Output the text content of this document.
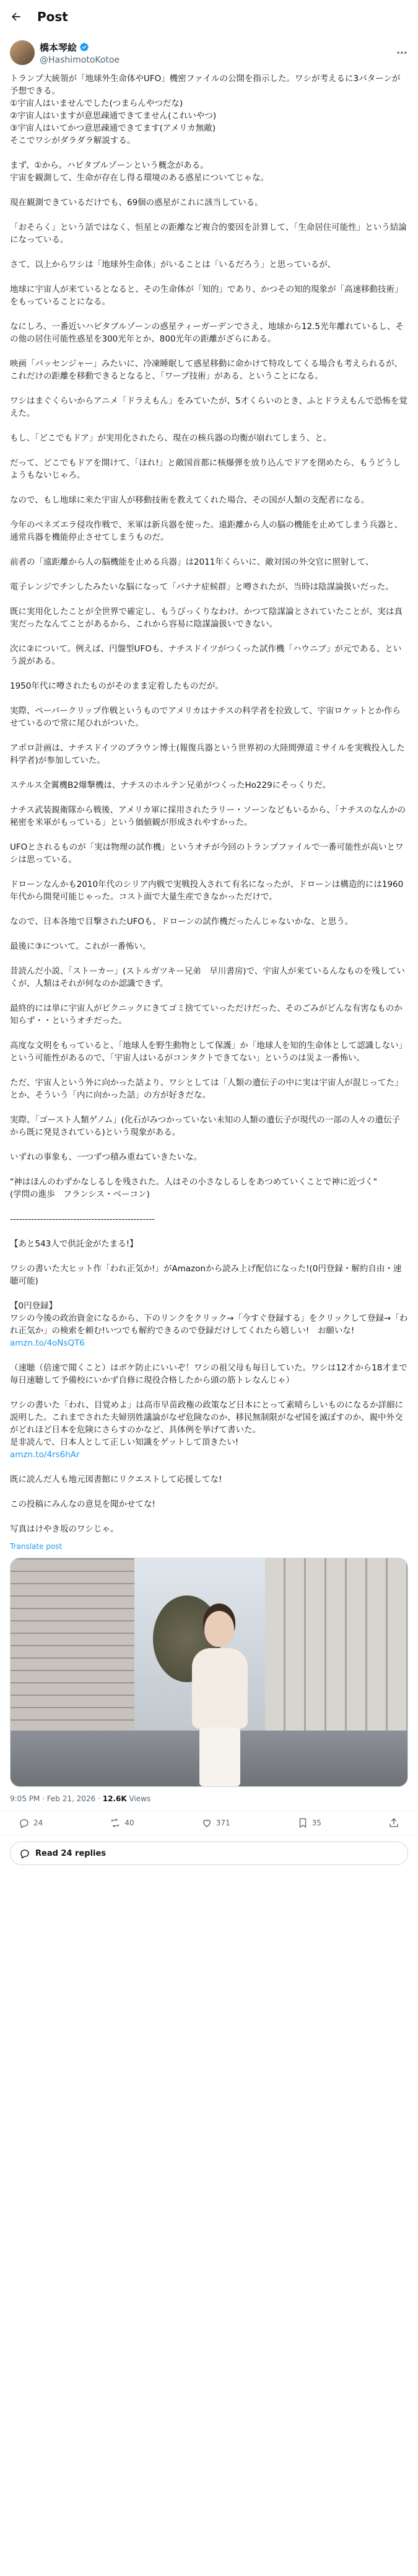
Post
橋本琴絵
@HashimotoKotoe

トランプ大統領が「地球外生命体やUFO」機密ファイルの公開を指示した。ワシが考えるに3パターンが予想できる。
①宇宙人はいませんでした(つまらんやつだな)
②宇宙人はいますが意思疎通できてません(これいやつ)
③宇宙人はいてかつ意思疎通できてます(アメリカ無敵)
そこでワシがダラダラ解説する。

まず、①から。ハビタブルゾーンという概念がある。
宇宙を観測して、生命が存在し得る環境のある惑星についてじゃな。

現在観測できているだけでも、69個の惑星がこれに該当している。

「おそらく」という話ではなく、恒星との距離など複合的要因を計算して、「生命居住可能性」という結論になっている。

さて、以上からワシは「地球外生命体」がいることは「いるだろう」と思っているが、

地球に宇宙人が来ているとなると、その生命体が「知的」であり、かつその知的現象が「高速移動技術」をもっていることになる。

なにしろ、一番近いハビタブルゾーンの惑星ティーガーデンでさえ、地球から12.5光年離れているし、その他の居住可能性惑星を300光年とか、800光年の距離がざらにある。

映画「パッセンジャー」みたいに、冷凍睡眠して惑星移動に命かけて特攻してくる場合も考えられるが、これだけの距離を移動できるとなると、「ワープ技術」がある、ということになる。

ワシはまぐくらいからアニメ「ドラえもん」をみていたが、5才くらいのとき、ふとドラえもんで恐怖を覚えた。

もし、「どこでもドア」が実用化されたら、現在の核兵器の均衡が崩れてしまう、と。

だって、どこでもドアを開けて、「ほれ!」と敵国首都に核爆弾を放り込んでドアを閉めたら、もうどうしようもないじゃろ。

なので、もし地球に来た宇宙人が移動技術を教えてくれた場合、その国が人類の支配者になる。

今年のベネズエラ侵攻作戦で、米軍は新兵器を使った。遠距離から人の脳の機能を止めてしまう兵器と、通常兵器を機能停止させてしまうものだ。

前者の「遠距離から人の脳機能を止める兵器」は2011年くらいに、敵対国の外交官に照射して、

電子レンジでチンしたみたいな脳になって「バナナ症候群」と噂されたが、当時は陰謀論扱いだった。

既に実用化したことが全世界で確定し、もうびっくりなわけ。かつて陰謀論とされていたことが、実は真実だったなんてことがあるから、これから容易に陰謀論扱いできない。

次に②について。例えば、円盤型UFOも、ナチスドイツがつくった試作機「ハウニブ」が元である、という説がある。

1950年代に噂されたものがそのまま定着したものだが。

実際、ペーパークリップ作戦というものでアメリカはナチスの科学者を拉致して、宇宙ロケットとか作らせているので常に尾ひれがついた。

アポロ計画は、ナチスドイツのブラウン博士(報復兵器という世界初の大陸間弾道ミサイルを実戦投入した科学者)が参加していた。

ステルス全翼機B2爆撃機は、ナチスのホルテン兄弟がつくったHo229にそっくりだ。

ナチス武装親衛隊から戦後、アメリカ軍に採用されたラリー・ソーンなどもいるから、「ナチスのなんかの秘密を米軍がもっている」という価値観が形成されやすかった。

UFOとされるものが「実は物理の試作機」というオチが今回のトランプファイルで一番可能性が高いとワシは思っている。

ドローンなんかも2010年代のシリア内戦で実戦投入されて有名になったが、ドローンは構造的には1960年代から開発可能じゃった。コスト面で大量生産できなかっただけで。

なので、日本各地で目撃されたUFOも、ドローンの試作機だったんじゃないかな、と思う。

最後に③について。これが一番怖い。

昔読んだ小説、「ストーカー」(ストルガツキー兄弟　早川書房)で、宇宙人が来ているんなものを残していくが、人類はそれが何なのか認識できず。

最終的には単に宇宙人がピクニックにきてゴミ捨てていっただけだった、そのごみがどんな有害なものか知らず・・というオチだった。

高度な文明をもっていると、「地球人を野生動物として保護」か「地球人を知的生命体として認識しない」という可能性があるので、「宇宙人はいるがコンタクトできてない」というのは災よ一番怖い。

ただ、宇宙人という外に向かった話より、ワシとしては「人類の遺伝子の中に実は宇宙人が混じってた」とか、そういう「内に向かった話」の方が好きだな。

実際、「ゴースト人類ゲノム」(化石がみつかっていない未知の人類の遺伝子が現代の一部の人々の遺伝子から既に発見されている)という現象がある。

いずれの事象も、一つずつ積み重ねていきたいな。

"神はほんのわずかなしるしを残された。人はその小さなしるしをあつめていくことで神に近づく"
(学問の進歩　フランシス・ベーコン)

------------------------------------------------

【あと543人で供託金がたまる!】

ワシの書いた大ヒット作「われ正気か!」がAmazonから読み上げ配信になった!(0円登録・解約自由・速聴可能)

【0円登録】
ワシの今後の政治資金になるから、下のリンクをクリック→「今すぐ登録する」をクリックして登録→「われ正気か」の検索を頼む!いつでも解約できるので登録だけしてくれたら嬉しい!　お願いな!
amzn.to/4oNsQT6

（速聴（倍速で聞くこと）はボケ防止にいいぞ！ワシの祖父母も毎日していた。ワシは12才から18才まで毎日速聴して予備校にいかず自修に現役合格したから頭の筋トレなんじゃ）

ワシの書いた「われ、目覚めよ」は高市早苗政権の政策など日本にとって素晴らしいものになるか詳細に説明した。これまでされた夫婦別姓議論がなぜ危険なのか、移民無制限がなぜ国を滅ぼすのか、親中外交がどれほど日本を危険にさらすのかなど、具体例を挙げて書いた。
是非読んで、日本人として正しい知識をゲットして頂きたい!
amzn.to/4rs6hAr

既に読んだ人も地元図書館にリクエストして応援してな!

この投稿にみんなの意見を聞かせてな!

写真はけやき坂のワシじゃ。

Translate post
9:05 PM · Feb 21, 2026 · 12.6K Views
24	40	371	35
Read 24 replies
